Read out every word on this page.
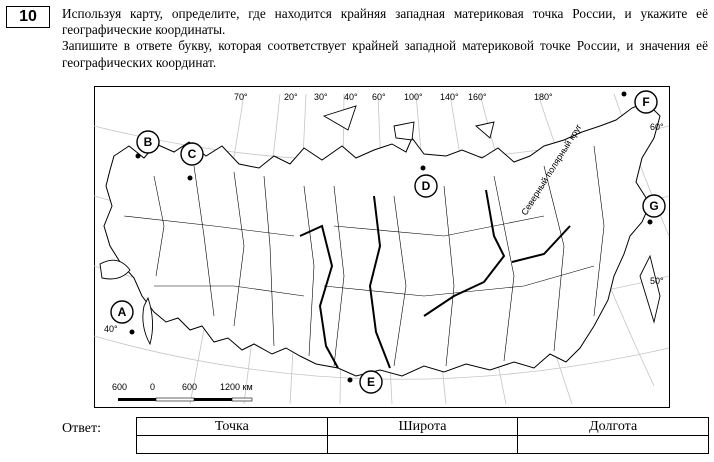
10	Используя карту, определите, где находится крайняя западная материковая точка России, и укажите её географические координаты.

Запишите в ответе букву, которая соответствует крайней западной материковой точке России, и значения её географических координат.

70°	20° 30° 40° 60° 100° 140° 160°	180°
60°
50°
40°
Северный полярный круг
A
B
C
D
E
F
G
600	0	600	1200 км
Ответ:	Точка	Широта	Долгота
